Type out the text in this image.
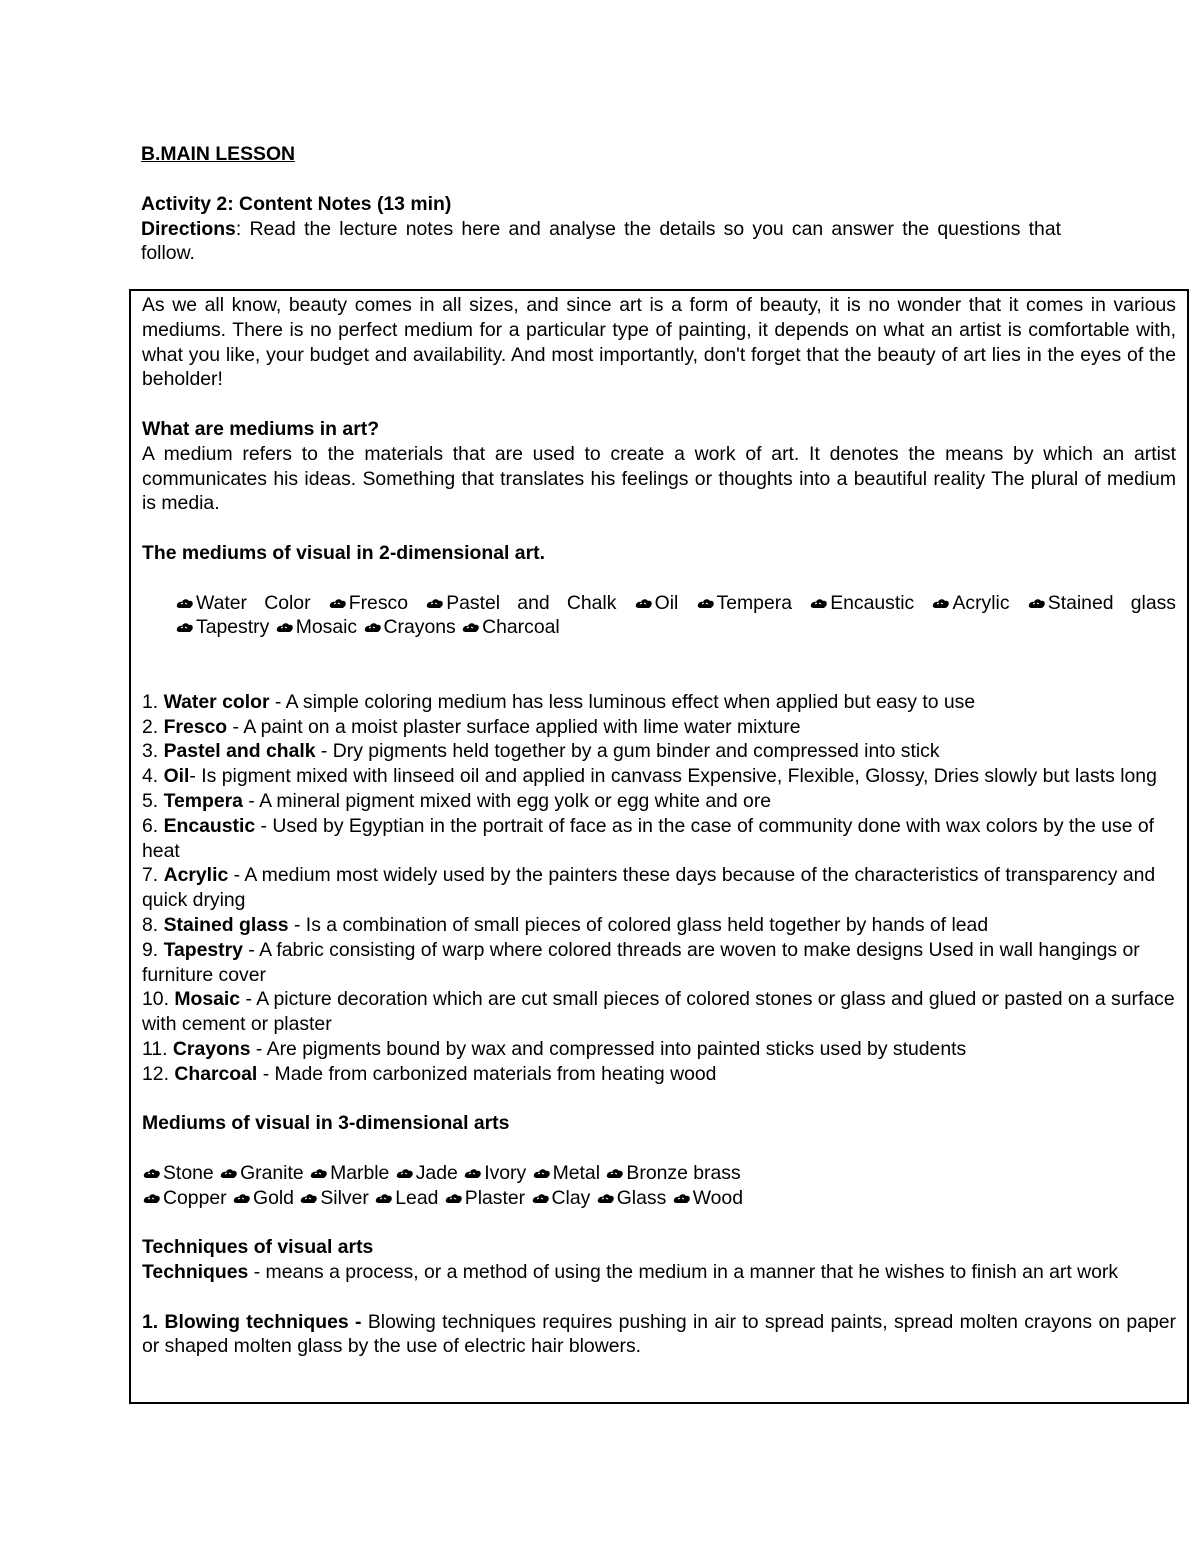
B.MAIN LESSON
Activity 2: Content Notes (13 min)
Directions: Read the lecture notes here and analyse the details so you can answer the questions that follow.
As we all know, beauty comes in all sizes, and since art is a form of beauty, it is no wonder that it comes in various mediums. There is no perfect medium for a particular type of painting, it depends on what an artist is comfortable with, what you like, your budget and availability. And most importantly, don't forget that the beauty of art lies in the eyes of the beholder!
What are mediums in art?
A medium refers to the materials that are used to create a work of art. It denotes the means by which an artist communicates his ideas. Something that translates his feelings or thoughts into a beautiful reality The plural of medium is media.
The mediums of visual in 2-dimensional art.
Water Color Fresco Pastel and Chalk Oil Tempera Encaustic Acrylic Stained glass
Tapestry Mosaic Crayons Charcoal
1. Water color - A simple coloring medium has less luminous effect when applied but easy to use
2. Fresco - A paint on a moist plaster surface applied with lime water mixture
3. Pastel and chalk - Dry pigments held together by a gum binder and compressed into stick
4. Oil- Is pigment mixed with linseed oil and applied in canvass Expensive, Flexible, Glossy, Dries slowly but lasts long
5. Tempera - A mineral pigment mixed with egg yolk or egg white and ore
6. Encaustic - Used by Egyptian in the portrait of face as in the case of community done with wax colors by the use of heat
7. Acrylic - A medium most widely used by the painters these days because of the characteristics of transparency and quick drying
8. Stained glass - Is a combination of small pieces of colored glass held together by hands of lead
9. Tapestry - A fabric consisting of warp where colored threads are woven to make designs Used in wall hangings or furniture cover
10. Mosaic - A picture decoration which are cut small pieces of colored stones or glass and glued or pasted on a surface with cement or plaster
11. Crayons - Are pigments bound by wax and compressed into painted sticks used by students
12. Charcoal - Made from carbonized materials from heating wood
Mediums of visual in 3-dimensional arts
Stone Granite Marble Jade Ivory Metal Bronze brass
Copper Gold Silver Lead Plaster Clay Glass Wood
Techniques of visual arts
Techniques - means a process, or a method of using the medium in a manner that he wishes to finish an art work
1. Blowing techniques - Blowing techniques requires pushing in air to spread paints, spread molten crayons on paper or shaped molten glass by the use of electric hair blowers.
